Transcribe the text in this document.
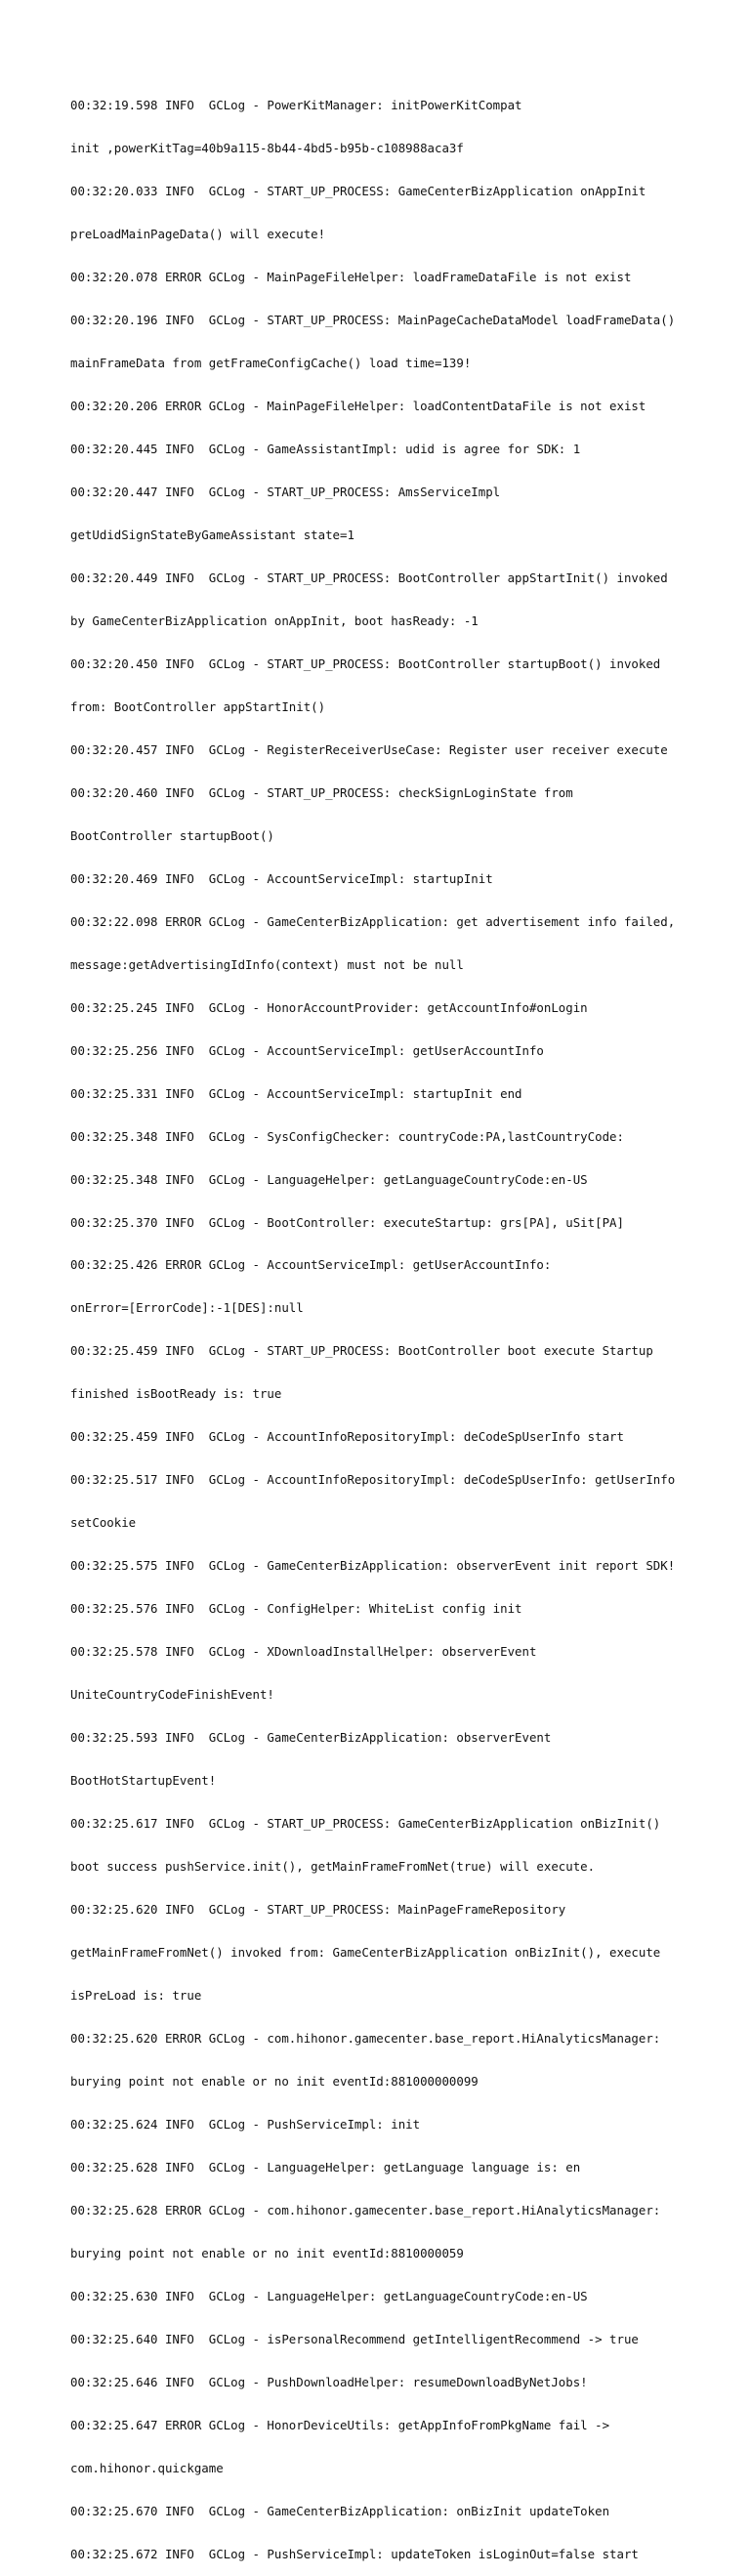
00:32:19.598 INFO  GCLog - PowerKitManager: initPowerKitCompat

init ,powerKitTag=40b9a115-8b44-4bd5-b95b-c108988aca3f

00:32:20.033 INFO  GCLog - START_UP_PROCESS: GameCenterBizApplication onAppInit

preLoadMainPageData() will execute!

00:32:20.078 ERROR GCLog - MainPageFileHelper: loadFrameDataFile is not exist

00:32:20.196 INFO  GCLog - START_UP_PROCESS: MainPageCacheDataModel loadFrameData()

mainFrameData from getFrameConfigCache() load time=139!

00:32:20.206 ERROR GCLog - MainPageFileHelper: loadContentDataFile is not exist

00:32:20.445 INFO  GCLog - GameAssistantImpl: udid is agree for SDK: 1

00:32:20.447 INFO  GCLog - START_UP_PROCESS: AmsServiceImpl

getUdidSignStateByGameAssistant state=1

00:32:20.449 INFO  GCLog - START_UP_PROCESS: BootController appStartInit() invoked

by GameCenterBizApplication onAppInit, boot hasReady: -1

00:32:20.450 INFO  GCLog - START_UP_PROCESS: BootController startupBoot() invoked

from: BootController appStartInit()

00:32:20.457 INFO  GCLog - RegisterReceiverUseCase: Register user receiver execute

00:32:20.460 INFO  GCLog - START_UP_PROCESS: checkSignLoginState from

BootController startupBoot()

00:32:20.469 INFO  GCLog - AccountServiceImpl: startupInit

00:32:22.098 ERROR GCLog - GameCenterBizApplication: get advertisement info failed,

message:getAdvertisingIdInfo(context) must not be null

00:32:25.245 INFO  GCLog - HonorAccountProvider: getAccountInfo#onLogin

00:32:25.256 INFO  GCLog - AccountServiceImpl: getUserAccountInfo

00:32:25.331 INFO  GCLog - AccountServiceImpl: startupInit end

00:32:25.348 INFO  GCLog - SysConfigChecker: countryCode:PA,lastCountryCode:

00:32:25.348 INFO  GCLog - LanguageHelper: getLanguageCountryCode:en-US

00:32:25.370 INFO  GCLog - BootController: executeStartup: grs[PA], uSit[PA]

00:32:25.426 ERROR GCLog - AccountServiceImpl: getUserAccountInfo:

onError=[ErrorCode]:-1[DES]:null

00:32:25.459 INFO  GCLog - START_UP_PROCESS: BootController boot execute Startup

finished isBootReady is: true

00:32:25.459 INFO  GCLog - AccountInfoRepositoryImpl: deCodeSpUserInfo start

00:32:25.517 INFO  GCLog - AccountInfoRepositoryImpl: deCodeSpUserInfo: getUserInfo

setCookie

00:32:25.575 INFO  GCLog - GameCenterBizApplication: observerEvent init report SDK!

00:32:25.576 INFO  GCLog - ConfigHelper: WhiteList config init

00:32:25.578 INFO  GCLog - XDownloadInstallHelper: observerEvent

UniteCountryCodeFinishEvent!

00:32:25.593 INFO  GCLog - GameCenterBizApplication: observerEvent

BootHotStartupEvent!

00:32:25.617 INFO  GCLog - START_UP_PROCESS: GameCenterBizApplication onBizInit()

boot success pushService.init(), getMainFrameFromNet(true) will execute.

00:32:25.620 INFO  GCLog - START_UP_PROCESS: MainPageFrameRepository

getMainFrameFromNet() invoked from: GameCenterBizApplication onBizInit(), execute

isPreLoad is: true

00:32:25.620 ERROR GCLog - com.hihonor.gamecenter.base_report.HiAnalyticsManager:

burying point not enable or no init eventId:881000000099

00:32:25.624 INFO  GCLog - PushServiceImpl: init

00:32:25.628 INFO  GCLog - LanguageHelper: getLanguage language is: en

00:32:25.628 ERROR GCLog - com.hihonor.gamecenter.base_report.HiAnalyticsManager:

burying point not enable or no init eventId:8810000059

00:32:25.630 INFO  GCLog - LanguageHelper: getLanguageCountryCode:en-US

00:32:25.640 INFO  GCLog - isPersonalRecommend getIntelligentRecommend -> true

00:32:25.646 INFO  GCLog - PushDownloadHelper: resumeDownloadByNetJobs!

00:32:25.647 ERROR GCLog - HonorDeviceUtils: getAppInfoFromPkgName fail ->

com.hihonor.quickgame

00:32:25.670 INFO  GCLog - GameCenterBizApplication: onBizInit updateToken

00:32:25.672 INFO  GCLog - PushServiceImpl: updateToken isLoginOut=false start
